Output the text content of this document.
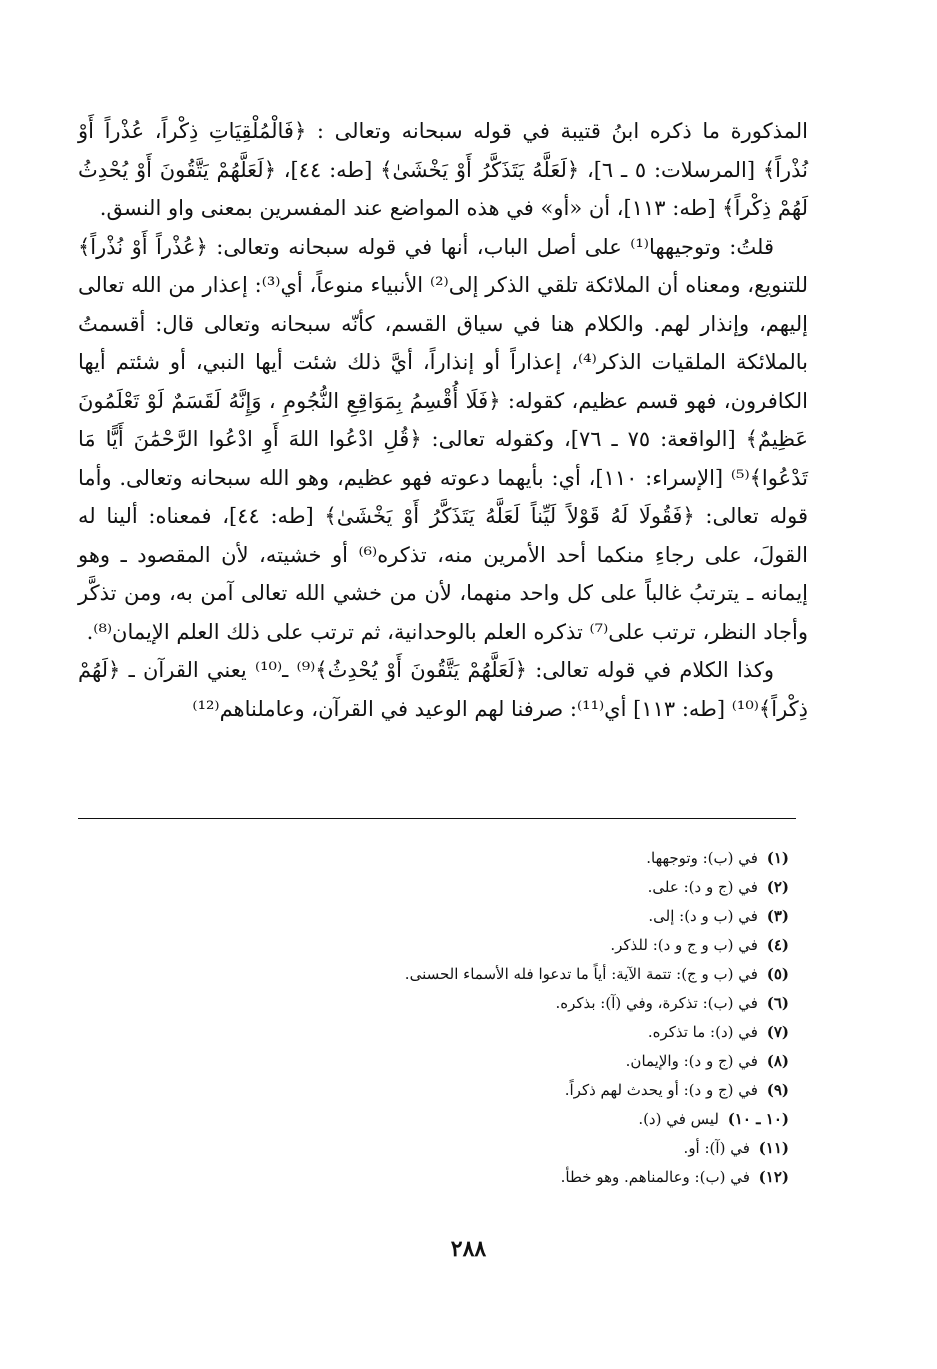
المذكورة ما ذكره ابنُ قتيبة في قوله سبحانه وتعالى : ﴿فَالْمُلْقِيَاتِ ذِكْراً، عُذْراً أَوْ نُذْراً﴾ [المرسلات: ٥ ـ ٦]، ﴿لَعَلَّهُ يَتَذَكَّرُ أَوْ يَخْشَىٰ﴾ [طه: ٤٤]، ﴿لَعَلَّهُمْ يَتَّقُونَ أَوْ يُحْدِثُ لَهُمْ ذِكْراً﴾ [طه: ١١٣]، أن «أو» في هذه المواضع عند المفسرين بمعنى واو النسق.

قلتُ: وتوجيهها⁽¹⁾ على أصل الباب، أنها في قوله سبحانه وتعالى: ﴿عُذْراً أَوْ نُذْراً﴾ للتنويع، ومعناه أن الملائكة تلقي الذكر إلى⁽²⁾ الأنبياء منوعاً، أي⁽³⁾: إعذار من الله تعالى إليهم، وإنذار لهم. والكلام هنا في سياق القسم، كأنّه سبحانه وتعالى قال: أقسمتُ بالملائكة الملقيات الذكر⁽⁴⁾، إعذاراً أو إنذاراً، أيَّ ذلك شئت أيها النبي، أو شئتم أيها الكافرون، فهو قسم عظيم، كقوله: ﴿فَلَا أُقْسِمُ بِمَوَاقِعِ النُّجُومِ ، وَإِنَّهُ لَقَسَمٌ لَوْ تَعْلَمُونَ عَظِيمٌ﴾ [الواقعة: ٧٥ ـ ٧٦]، وكقوله تعالى: ﴿قُلِ ادْعُوا اللهَ أَوِ ادْعُوا الرَّحْمَٰنَ أَيًّا مَا تَدْعُوا﴾⁽⁵⁾ [الإسراء: ١١٠]، أي: بأيهما دعوته فهو عظيم، وهو الله سبحانه وتعالى. وأما قوله تعالى: ﴿فَقُولَا لَهُ قَوْلاً لَيِّناً لَعَلَّهُ يَتَذَكَّرُ أَوْ يَخْشَىٰ﴾ [طه: ٤٤]، فمعناه: ألينا له القولَ، على رجاءِ منكما أحد الأمرين منه، تذكره⁽⁶⁾ أو خشيته، لأن المقصود ـ وهو إيمانه ـ يترتبُ غالباً على كل واحد منهما، لأن من خشي الله تعالى آمن به، ومن تذكَّر وأجاد النظر، ترتب على⁽⁷⁾ تذكره العلم بالوحدانية، ثم ترتب على ذلك العلم الإيمان⁽⁸⁾.

وكذا الكلام في قوله تعالى: ﴿لَعَلَّهُمْ يَتَّقُونَ أَوْ يُحْدِثُ﴾⁽⁹⁾ ـ⁽¹⁰⁾ يعني القرآن ـ ﴿لَهُمْ ذِكْراً﴾⁽¹⁰⁾ [طه: ١١٣] أي⁽¹¹⁾: صرفنا لهم الوعيد في القرآن، وعاملناهم⁽¹²⁾

(١) في (ب): وتوجهها.
(٢) في (ج و د): على.
(٣) في (ب و د): إلى.
(٤) في (ب و ج و د): للذكر.
(٥) في (ب و ج): تتمة الآية: أياً ما تدعوا فله الأسماء الحسنى.
(٦) في (ب): تذكرة، وفي (آ): بذكره.
(٧) في (د): ما تذكره.
(٨) في (ج و د): والإيمان.
(٩) في (ج و د): أو يحدث لهم ذكراً.
(١٠ ـ ١٠) ليس في (د).
(١١) في (آ): أو.
(١٢) في (ب): وعالمناهم. وهو خطأ.
٢٨٨
